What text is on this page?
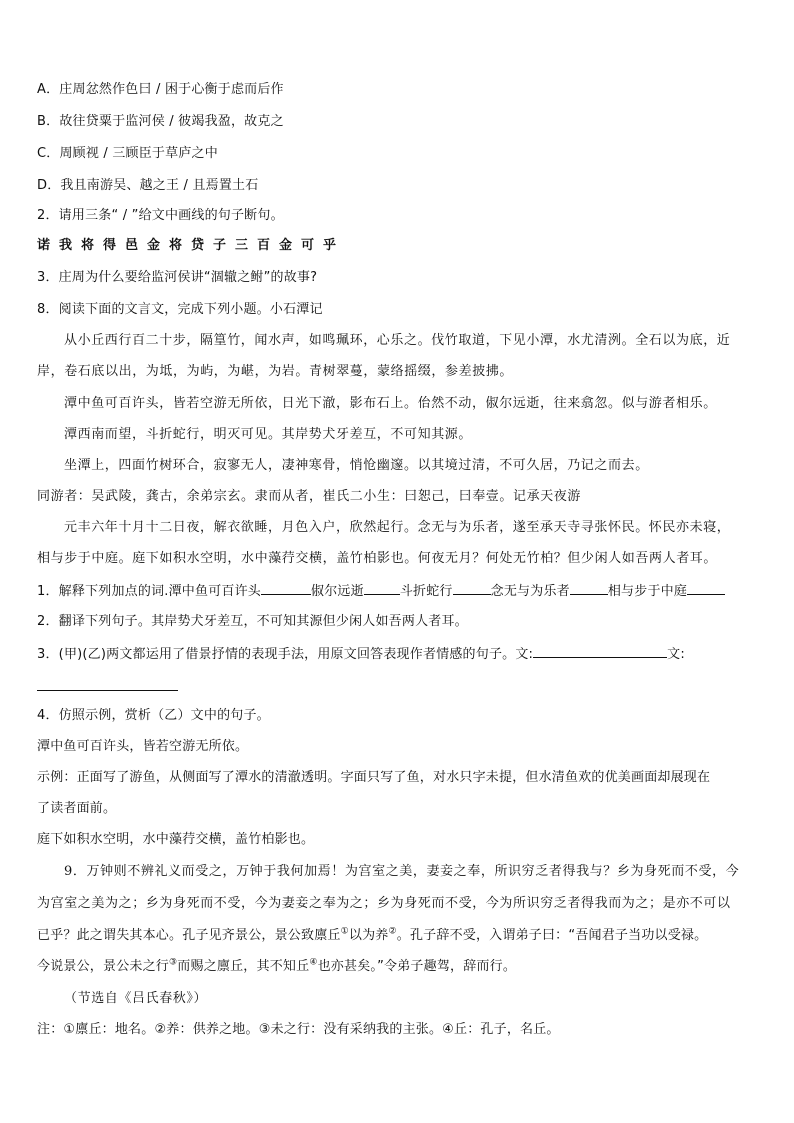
A．庄周忿然作色曰 / 困于心衡于虑而后作
B．故往贷粟于监河侯 / 彼竭我盈，故克之
C．周顾视 / 三顾臣于草庐之中
D．我且南游吴、越之王 / 且焉置土石
2．请用三条“ / ”给文中画线的句子断句。
诺我将得邑金将贷子三百金可乎
3．庄周为什么要给监河侯讲“涸辙之鲋”的故事?
8．阅读下面的文言文，完成下列小题。小石潭记
从小丘西行百二十步，隔篁竹，闻水声，如鸣珮环，心乐之。伐竹取道，下见小潭，水尤清洌。全石以为底，近
岸，卷石底以出，为坻，为屿，为嵁，为岩。青树翠蔓，蒙络摇缀，参差披拂。
潭中鱼可百许头，皆若空游无所依，日光下澈，影布石上。佁然不动，俶尔远逝，往来翕忽。似与游者相乐。
潭西南而望，斗折蛇行，明灭可见。其岸势犬牙差互，不可知其源。
坐潭上，四面竹树环合，寂寥无人，凄神寒骨，悄怆幽邃。以其境过清，不可久居，乃记之而去。
同游者：吴武陵，龚古，余弟宗玄。隶而从者，崔氏二小生：曰恕己，曰奉壹。记承天夜游
元丰六年十月十二日夜，解衣欲睡，月色入户，欣然起行。念无与为乐者，遂至承天寺寻张怀民。怀民亦未寝，
相与步于中庭。庭下如积水空明，水中藻荇交横，盖竹柏影也。何夜无月？何处无竹柏？但少闲人如吾两人者耳。
1．解释下列加点的词.潭中鱼可百许头	俶尔远逝	斗折蛇行	念无与为乐者	相与步于中庭
2．翻译下列句子。其岸势犬牙差互，不可知其源但少闲人如吾两人者耳。
3．(甲)(乙)两文都运用了借景抒情的表现手法，用原文回答表现作者情感的句子。文:	文:
4．仿照示例，赏析（乙）文中的句子。
潭中鱼可百许头，皆若空游无所依。
示例：正面写了游鱼，从侧面写了潭水的清澈透明。字面只写了鱼，对水只字未提，但水清鱼欢的优美画面却展现在
了读者面前。
庭下如积水空明，水中藻荇交横，盖竹柏影也。
9．万钟则不辨礼义而受之，万钟于我何加焉！为宫室之美，妻妾之奉，所识穷乏者得我与？乡为身死而不受，今
为宫室之美为之；乡为身死而不受，今为妻妾之奉为之；乡为身死而不受，今为所识穷乏者得我而为之；是亦不可以
已乎？此之谓失其本心。孔子见齐景公，景公致廪丘①以为养②。孔子辞不受，入谓弟子曰：“吾闻君子当功以受禄。
今说景公，景公未之行③而赐之廪丘，其不知丘④也亦甚矣。”令弟子趣驾，辞而行。
（节选自《吕氏春秋》）
注：①廪丘：地名。②养：供养之地。③未之行：没有采纳我的主张。④丘：孔子，名丘。
